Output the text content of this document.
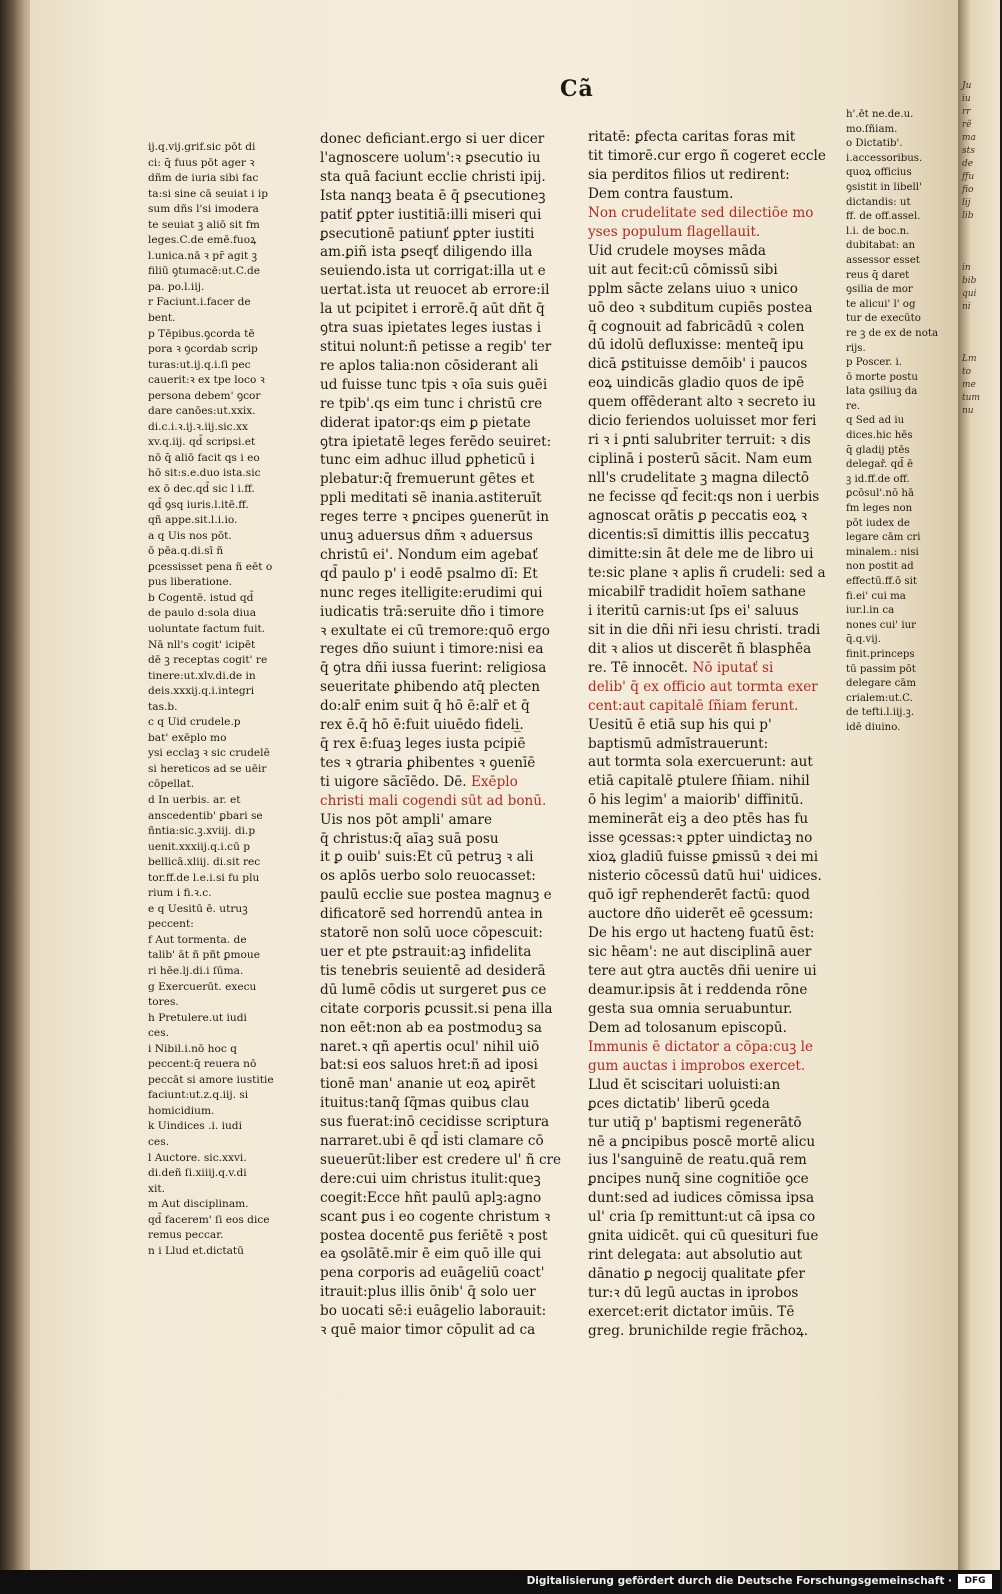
Cã
ij.q.vij.grif.sic pōt di
ci: q̄ fuus pōt ager ꝛ
dñm de iuria sibi fac
ta:si sine cā seuiat i ip
sum dñs l'si imodera
te seuiat ꝫ aliō sit fm
leges.C.de emē.fuoꝝ
l.unica.nā ꝛ pr̄ agit ꝫ
filiū ꝯtumacē:ut.C.de
pa. po.l.iij.
r Faciunt.i.facer de
bent.
p Tēpibus.ꝯcorda tē
pora ꝛ ꝯcordab scrip
turas:ut.ij.q.i.ſi pec
cauerit:ꝛ ex tpe loco ꝛ
persona debem' ꝯcor
dare canōes:ut.xxix.
di.c.i.ꝛ.ij.ꝛ.iij.sic.xx
xv.q.iij. qd̄ scripsi.et
nō q̄ aliō facit qs i eo
hō sit:s.e.duo ista.sic
ex ō dec.qd̄ sic l i.ff.
qd̄ ꝯsq iuris.l.itē.ff.
qñ appe.sit.l.i.io.
a q Uis nos pōt.
ō pēa.q.di.sī ñ
ꝑcessisset pena ñ eēt o
pus liberatione.
b Cogentē. istud qd̄
de paulo d:sola diua
uoluntate factum fuit.
Nā nll's cogit' icipēt
dē ꝫ receptas cogit' re
tinere:ut.xlv.di.de in
deis.xxxij.q.i.integri
tas.b.
c q Uid crudele.p
bat' exēplo mo
ysi ecclaꝫ ꝛ sic crudelē
si hereticos ad se uēir
cōpellat.
d In uerbis. ar. et
anscedentib' ꝑbari se
ñntia:sic.ꝫ.xviij. di.p
uenit.xxxiij.q.i.cū p
bellicā.xliij. di.sit rec
tor.ff.de l.e.i.si fu plu
rium i fi.ꝛ.c.
e q Uesitū ē. utruꝫ
peccent:
f Aut tormenta. de
talib' āt ñ pñt ꝑmoue
ri hēe.lj.di.i ſūma.
g Exercuerūt. execu
tores.
h Pretulere.ut iudi
ces.
i Nibil.i.nō hoc q
peccent:q̄ reuera nō
peccāt si amore iustitie
faciunt:ut.z.q.iij. si
homicidium.
k Uindices .i. iudi
ces.
l Auctore. sic.xxvi.
di.deñ ſi.xiiij.q.v.di
xit.
m Aut disciplinam.
qd̄ facerem' ſi eos dice
remus peccar.
n i Llud et.dictatū
donec deficiant.ergo si uer dicer
l'agnoscere uolum':ꝛ ꝑsecutio iu
sta quā faciunt ecclie christi ipij.
Ista nanqꝫ beata ē q̄ ꝑsecutioneꝫ
patiť ꝑpter iustitiā:illi miseri qui
ꝑsecutionē patiunť ꝑpter iustiti
am.ꝑiñ ista ꝑseqť diligendo illa
seuiendo.ista ut corrigat:illa ut e
uertat.ista ut reuocet ab errore:il
la ut pcipitet i errorē.q̄ aūt dñt q̄
ꝯtra suas ipietates leges iustas i
stitui nolunt:ñ petisse a regib' ter
re aplos talia:non cōsiderant ali
ud fuisse tunc tpis ꝛ oīa suis ꝯuēi
re tpib'.qs eim tunc i christū cre
diderat ipator:qs eim ꝑ pietate
ꝯtra ipietatē leges ferēdo seuiret:
tunc eim adhuc illud ꝑpheticū i
plebatur:q̄ fremuerunt gētes et
ppli meditati sē inania.astiteruīt
reges terre ꝛ ꝑncipes ꝯuenerūt in
unuꝫ aduersus dñm ꝛ aduersus
christū ei'. Nondum eim agebať
qd̄ paulo p' i eodē psalmo dī: Et
nunc reges itelligite:erudimi qui
iudicatis trā:seruite dño i timore
ꝛ exultate ei cū tremore:quō ergo
reges dño suiunt i timore:nisi ea
q̄ ꝯtra dñi iussa fuerint: religiosa
seueritate ꝑhibendo atq̄ plecten
do:alr̄ enim suit q̄ hō ē:alr̄ et q̄
rex ē.q̄ hō ē:fuit uiuēdo fideli̲.
q̄ rex ē:fuaꝫ leges iusta pcipiē
tes ꝛ ꝯtraria ꝑhibentes ꝛ ꝯuenīē
ti uigore sācīēdo. Dē. Exēplo
christi mali cogendi sūt ad bonū.
Uis nos pōt ampli' amare
q̄ christus:q̄ aīaꝫ suā posu
it ꝑ ouib' suis:Et cū petruꝫ ꝛ ali
os aplōs uerbo solo reuocasset:
paulū ecclie sue postea magnuꝫ e
dificatorē sed horrendū antea in
statorē non solū uoce cōpescuit:
uer et pte ꝑstrauit:aꝫ infidelita
tis tenebris seuientē ad desiderā
dū lumē cōdis ut surgeret ꝑus ce
citate corporis ꝑcussit.si pena illa
non eēt:non ab ea postmoduꝫ sa
naret.ꝛ qñ apertis ocul' nihil uiō
bat:si eos saluos hret:ñ ad iposi
tionē man' ananie ut eoꝝ apirēt
ituitus:tanq̄ ſq̄mas quibus clau
sus fuerat:inō cecidisse scriptura
narraret.ubi ē qd̄ isti clamare cō
sueuerūt:liber est credere ul' ñ cre
dere:cui uim christus itulit:queꝫ
coegit:Ecce hñt paulū aplꝫ:agno
scant ꝑus i eo cogente christum ꝛ
postea docentē ꝑus feriētē ꝛ post
ea ꝯsolātē.mir ē eim quō ille qui
pena corporis ad euāgeliū coact'
itrauit:plus illis ōnib' q̄ solo uer
bo uocati sē:i euāgelio laborauit:
ꝛ quē maior timor cōpulit ad ca
ritatē: ꝑfecta caritas foras mit
tit timorē.cur ergo ñ cogeret eccle
sia perditos filios ut redirent:
Dem contra faustum.
Non crudelitate sed dilectiōe mo
yses populum flagellauit.
Uid crudele moyses māda
uit aut fecit:cū cōmissū sibi
pplm sācte zelans uiuo ꝛ unico
uō deo ꝛ subditum cupiēs postea
q̄ cognouit ad fabricādū ꝛ colen
dū idolū defluxisse: menteq̄ ipu
dicā ꝑstituisse demōib' i paucos
eoꝝ uindicās gladio quos de ipē
quem offēderant alto ꝛ secreto iu
dicio feriendos uoluisset mor feri
ri ꝛ i ꝑnti salubriter terruit: ꝛ dis
ciplinā i posterū sācit. Nam eum
nll's crudelitate ꝫ magna dilectō
ne fecisse qd̄ fecit:qs non i uerbis
agnoscat orātis ꝑ peccatis eoꝝ ꝛ
dicentis:sī dimittis illis peccatuꝫ
dimitte:sin āt dele me de libro ui
te:sic plane ꝛ aplis ñ crudeli: sed a
micabilr̄ tradidit hoīem sathane
i iteritū carnis:ut ſps ei' saluus
sit in die dñi nr̄i iesu christi. tradi
dit ꝛ alios ut discerēt ñ blasphēa
re. Tē innocēt. Nō iputať si
delib' q̄ ex officio aut tormta exer
cent:aut capitalē ſñiam ferunt.
Uesitū ē etiā sup his qui p'
baptismū admīstrauerunt:
aut tormta sola exercuerunt: aut
etiā capitalē ꝑtulere ſñiam. nihil
ō his legim' a maiorib' diffinitū.
meminerāt eiꝫ a deo ptēs has fu
isse ꝯcessas:ꝛ ꝑpter uindictaꝫ no
xioꝝ gladiū fuisse ꝑmissū ꝛ dei mi
nisterio cōcessū datū hui' uidices.
quō igr̄ rephenderēt factū: quod
auctore dño uiderēt eē ꝯcessum:
De his ergo ut hactenꝯ fuatū ēst:
sic hēam': ne aut disciplinā auer
tere aut ꝯtra auctēs dñi uenire ui
deamur.ipsis āt i reddenda rōne
gesta sua omnia seruabuntur.
Dem ad tolosanum episcopū.
Immunis ē dictator a cōpa:cuꝫ le
gum auctas i improbos exercet.
Llud ēt sciscitari uoluisti:an
ꝑces dictatib' liberū ꝯceda
tur utiq̄ p' baptismi regenerātō
nē a ꝑncipibus poscē mortē alicu
ius l'sanguinē de reatu.quā rem
ꝑncipes nunq̄ sine cognitiōe ꝯce
dunt:sed ad iudices cōmissa ipsa
ul' cria ſp remittunt:ut cā ipsa co
gnita uidicēt. qui cū quesituri fue
rint delegata: aut absolutio aut
dānatio ꝑ negocij qualitate ꝑfer
tur:ꝛ dū legū auctas in iprobos
exercet:erit dictator imūis. Tē
greg. brunichilde regie frāchoꝝ.
h'.ēt ne.de.u.
mo.ſñiam.
o Dictatib'.
i.accessoribus.
quoꝝ officius
ꝯsistit in libell'
dictandis: ut
ff. de off.assel.
l.i. de boc.n.
dubitabat: an
assessor esset
reus q̄ daret
ꝯsilia de mor
te alicui' l' og
tur de execūto
re ꝫ de ex de nota
rijs.
p Poscer. i.
ō morte postu
lata ꝯsiliuꝫ da
re.
q Sed ad iu
dices.hic hēs
q̄ gladij ptēs
delegař. qd̄ ē
ꝫ id.ff.de off.
ꝑcōsul'.nō hā
fm leges non
pōt iudex de
legare cām cri
minalem.: nisi
non postit ad
effectū.ff.ō sit
fi.ei' cui ma
iur.l.in ca
nones cui' iur
q̄.q.vij.
finit.princeps
tū passim pōt
delegare cām
crialem:ut.C.
de tefti.l.iij.ꝫ.
idē diuino.
Ju
iu
rr
rẽ
ma
sts
de
ffu
fio
lij
lib

in
bib
qui
ni

Lm
to
me
tum
nu
Digitalisierung gefördert durch die Deutsche Forschungsgemeinschaft ·	DFG
